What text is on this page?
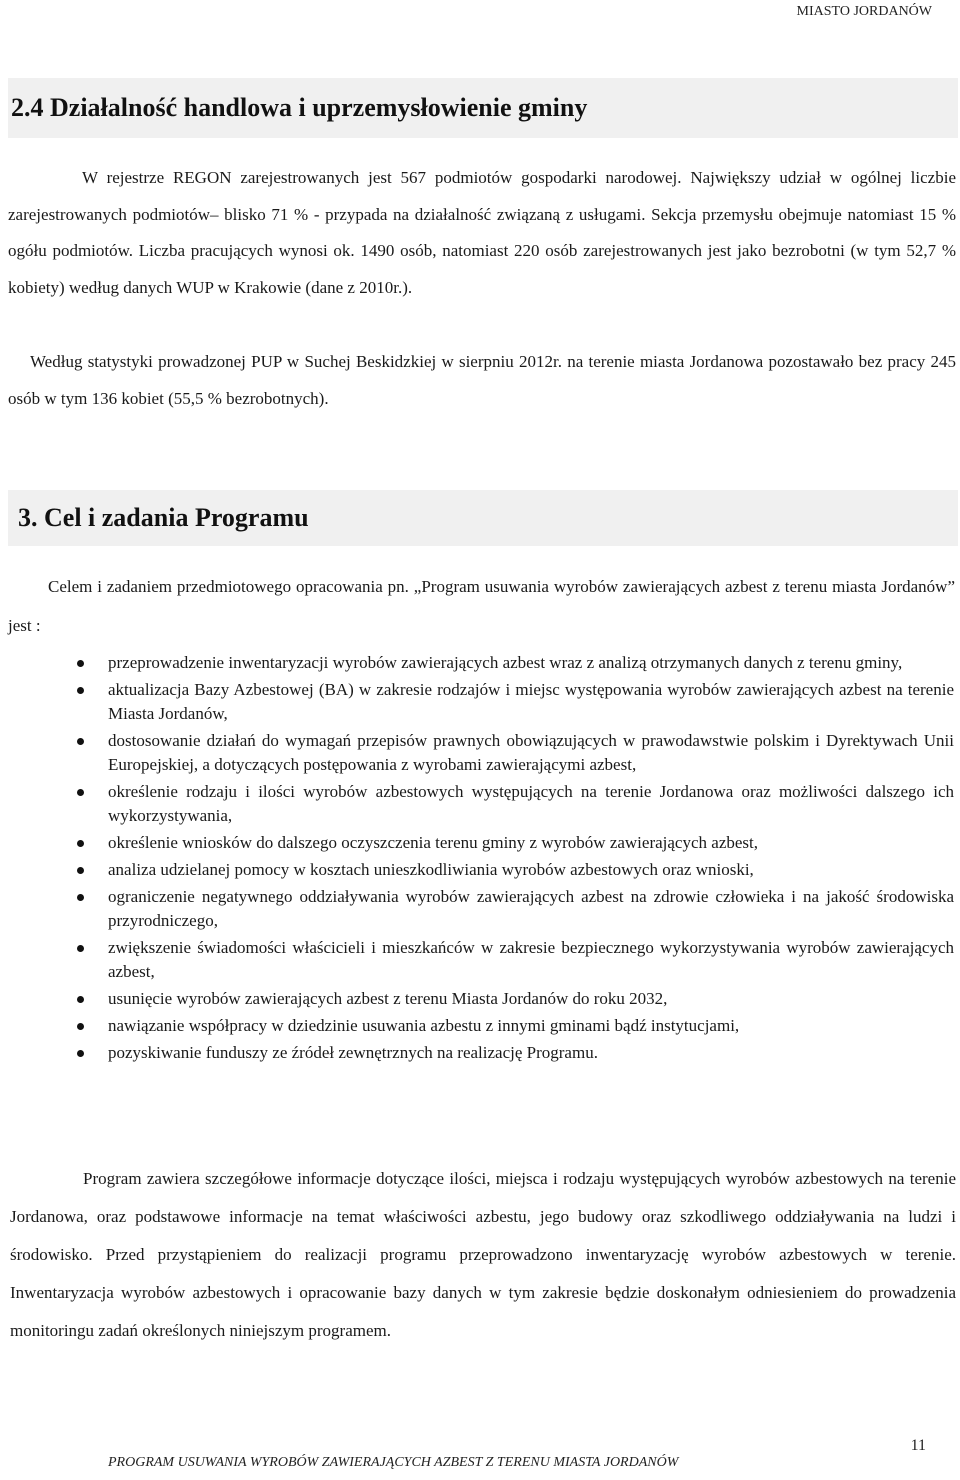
MIASTO JORDANÓW
2.4 Działalność handlowa i uprzemysłowienie gminy
W rejestrze REGON zarejestrowanych jest 567 podmiotów gospodarki narodowej. Największy udział w ogólnej liczbie zarejestrowanych podmiotów– blisko 71 % - przypada na działalność związaną z usługami. Sekcja przemysłu obejmuje natomiast 15 % ogółu podmiotów. Liczba pracujących wynosi ok. 1490 osób, natomiast 220 osób zarejestrowanych jest jako bezrobotni (w tym 52,7 % kobiety) według danych WUP w Krakowie (dane z 2010r.).
Według statystyki prowadzonej PUP w Suchej Beskidzkiej w sierpniu 2012r. na terenie miasta Jordanowa pozostawało bez pracy 245 osób w tym 136 kobiet (55,5 % bezrobotnych).
3. Cel i zadania Programu
Celem i zadaniem przedmiotowego opracowania pn. „Program usuwania wyrobów zawierających azbest z terenu miasta Jordanów” jest :
przeprowadzenie inwentaryzacji wyrobów zawierających azbest wraz z analizą otrzymanych danych z terenu gminy,
aktualizacja Bazy Azbestowej (BA) w zakresie rodzajów i miejsc występowania wyrobów zawierających azbest na terenie Miasta Jordanów,
dostosowanie działań do wymagań przepisów prawnych obowiązujących w prawodawstwie polskim i Dyrektywach Unii Europejskiej, a dotyczących postępowania z wyrobami zawierającymi azbest,
określenie rodzaju i ilości wyrobów azbestowych występujących na terenie Jordanowa oraz możliwości dalszego ich wykorzystywania,
określenie wniosków do dalszego oczyszczenia terenu gminy z wyrobów zawierających azbest,
analiza udzielanej pomocy w kosztach unieszkodliwiania wyrobów azbestowych oraz wnioski,
ograniczenie negatywnego oddziaływania wyrobów zawierających azbest na zdrowie człowieka i na jakość środowiska przyrodniczego,
zwiększenie świadomości właścicieli i mieszkańców w zakresie bezpiecznego wykorzystywania wyrobów zawierających azbest,
usunięcie wyrobów zawierających azbest z terenu Miasta Jordanów do roku 2032,
nawiązanie współpracy w dziedzinie usuwania azbestu z innymi gminami bądź instytucjami,
pozyskiwanie funduszy ze źródeł zewnętrznych na realizację Programu.
Program zawiera szczegółowe informacje dotyczące ilości, miejsca i rodzaju występujących wyrobów azbestowych na terenie Jordanowa, oraz podstawowe informacje na temat właściwości azbestu, jego budowy oraz szkodliwego oddziaływania na ludzi i środowisko. Przed przystąpieniem do realizacji programu przeprowadzono inwentaryzację wyrobów azbestowych w terenie. Inwentaryzacja wyrobów azbestowych i opracowanie bazy danych w tym zakresie będzie doskonałym odniesieniem do prowadzenia monitoringu zadań określonych niniejszym programem.
PROGRAM USUWANIA WYROBÓW ZAWIERAJĄCYCH AZBEST Z TERENU MIASTA JORDANÓW
11
